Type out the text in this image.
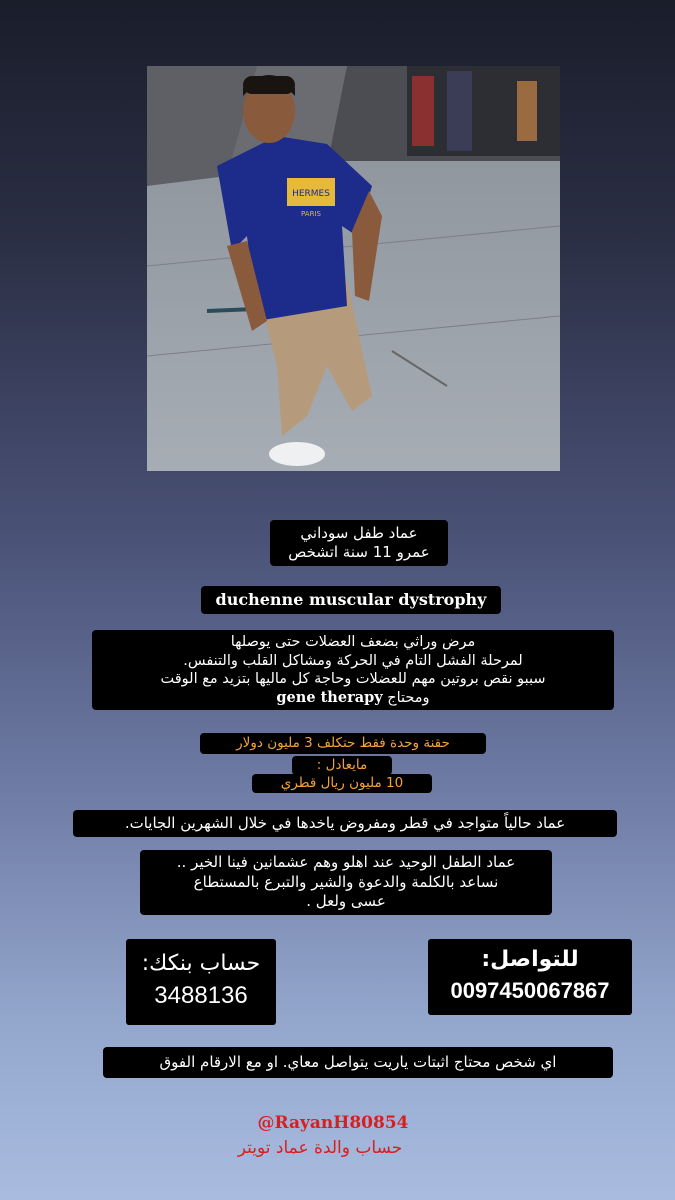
HERMES
PARIS
عماد طفل سوداني
عمرو 11 سنة اتشخص
duchenne muscular dystrophy
مرض وراثي بضعف العضلات حتى يوصلها
لمرحلة الفشل التام في الحركة ومشاكل القلب والتنفس.
سببو نقص بروتين مهم للعضلات وحاجة كل ماليها بتزيد مع الوقت
ومحتاج gene therapy
حقنة وحدة فقط حتكلف 3 مليون دولار
مايعادل :
10 مليون ريال قطري
عماد حالياً متواجد في قطر ومفروض ياخدها في خلال الشهرين الجايات.
عماد الطفل الوحيد عند اهلو وهم عشمانين فينا الخير ..
نساعد بالكلمة والدعوة والشير والتبرع بالمستطاع
عسى ولعل .
حساب بنكك:
3488136
للتواصل:
0097450067867
اي شخص محتاج اثبتات ياريت يتواصل معاي. او مع الارقام الفوق
@RayanH80854
حساب والدة عماد تويتر
